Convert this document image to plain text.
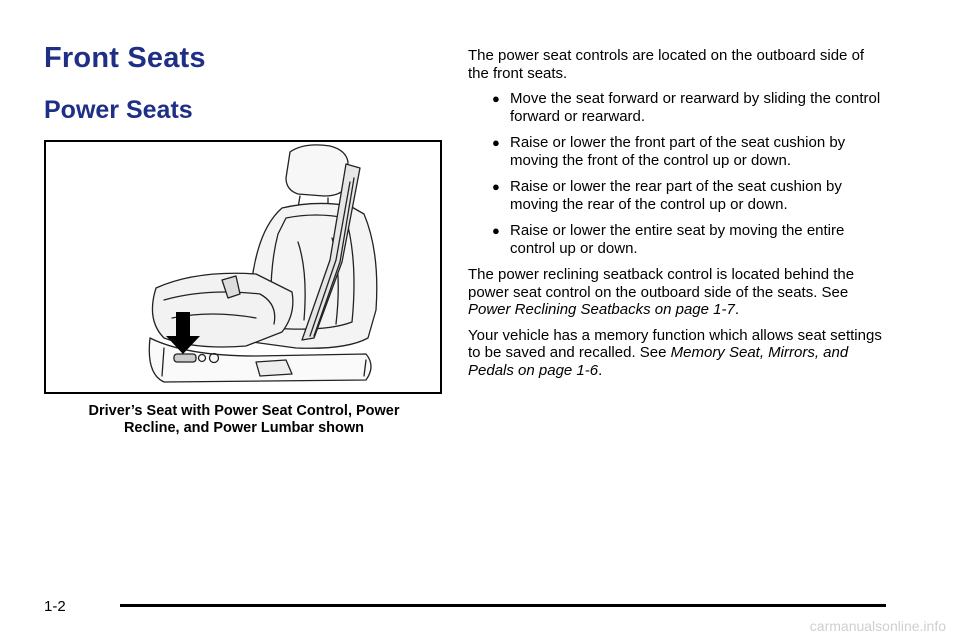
Front Seats
Power Seats
Driver’s Seat with Power Seat Control, Power
Recline, and Power Lumbar shown

The power seat controls are located on the outboard side of the front seats.

● Move the seat forward or rearward by sliding the control forward or rearward.
● Raise or lower the front part of the seat cushion by moving the front of the control up or down.
● Raise or lower the rear part of the seat cushion by moving the rear of the control up or down.
● Raise or lower the entire seat by moving the entire control up or down.

The power reclining seatback control is located behind the power seat control on the outboard side of the seats. See Power Reclining Seatbacks on page 1-7.

Your vehicle has a memory function which allows seat settings to be saved and recalled. See Memory Seat, Mirrors, and Pedals on page 1-6.

1-2
carmanualsonline.info
